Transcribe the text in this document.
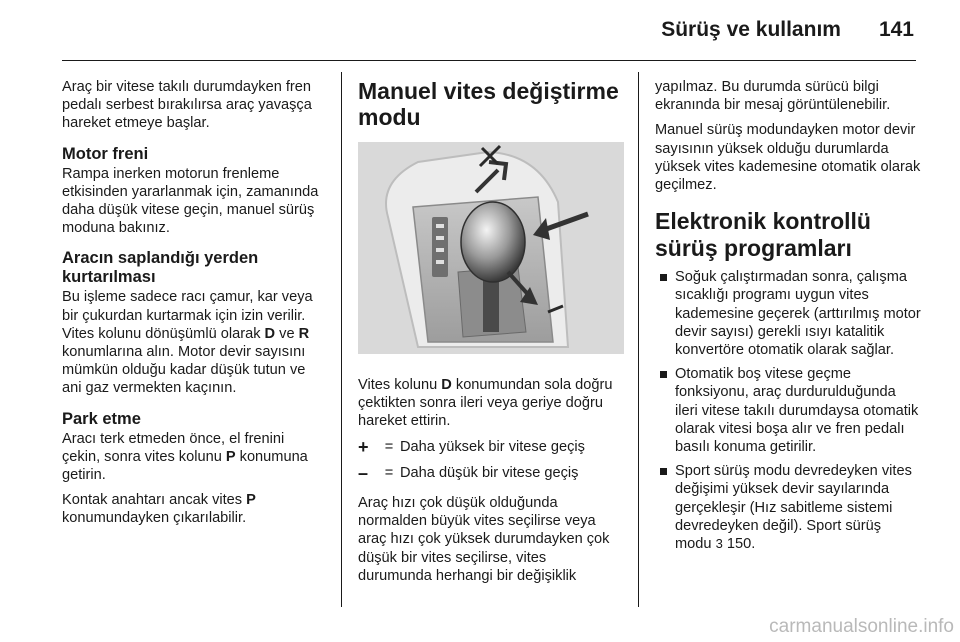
Sürüş ve kullanım 141

Araç bir vitese takılı durumdayken fren pedalı serbest bırakılırsa araç yavaşça hareket etmeye başlar.

Motor freni

Rampa inerken motorun frenleme etkisinden yararlanmak için, zamanında daha düşük vitese geçin, manuel sürüş moduna bakınız.

Aracın saplandığı yerden kurtarılması

Bu işleme sadece racı çamur, kar veya bir çukurdan kurtarmak için izin verilir. Vites kolunu dönüşümlü olarak D ve R konumlarına alın. Motor devir sayısını mümkün olduğu kadar düşük tutun ve ani gaz vermekten kaçının.

Park etme

Aracı terk etmeden önce, el frenini çekin, sonra vites kolunu P konumuna getirin.

Kontak anahtarı ancak vites P konumundayken çıkarılabilir.

Manuel vites değiştirme modu

Vites kolunu D konumundan sola doğru çektikten sonra ileri veya geriye doğru hareket ettirin.

+	= Daha yüksek bir vitese geçiş
–	= Daha düşük bir vitese geçiş

Araç hızı çok düşük olduğunda normalden büyük vites seçilirse veya araç hızı çok yüksek durumdayken çok düşük bir vites seçilirse, vites durumunda herhangi bir değişiklik

yapılmaz. Bu durumda sürücü bilgi ekranında bir mesaj görüntülenebilir.

Manuel sürüş modundayken motor devir sayısının yüksek olduğu durumlarda yüksek vites kademesine otomatik olarak geçilmez.

Elektronik kontrollü sürüş programları
Soğuk çalıştırmadan sonra, çalışma sıcaklığı programı uygun vites kademesine geçerek (arttırılmış motor devir sayısı) gerekli ısıyı katalitik konvertöre otomatik olarak sağlar.
Otomatik boş vitese geçme fonksiyonu, araç durdurulduğunda ileri vitese takılı durumdaysa otomatik olarak vitesi boşa alır ve fren pedalı basılı konuma getirilir.
Sport sürüş modu devredeyken vites değişimi yüksek devir sayılarında gerçekleşir (Hız sabitleme sistemi devredeyken değil). Sport sürüş modu 3 150.
carmanualsonline.info
